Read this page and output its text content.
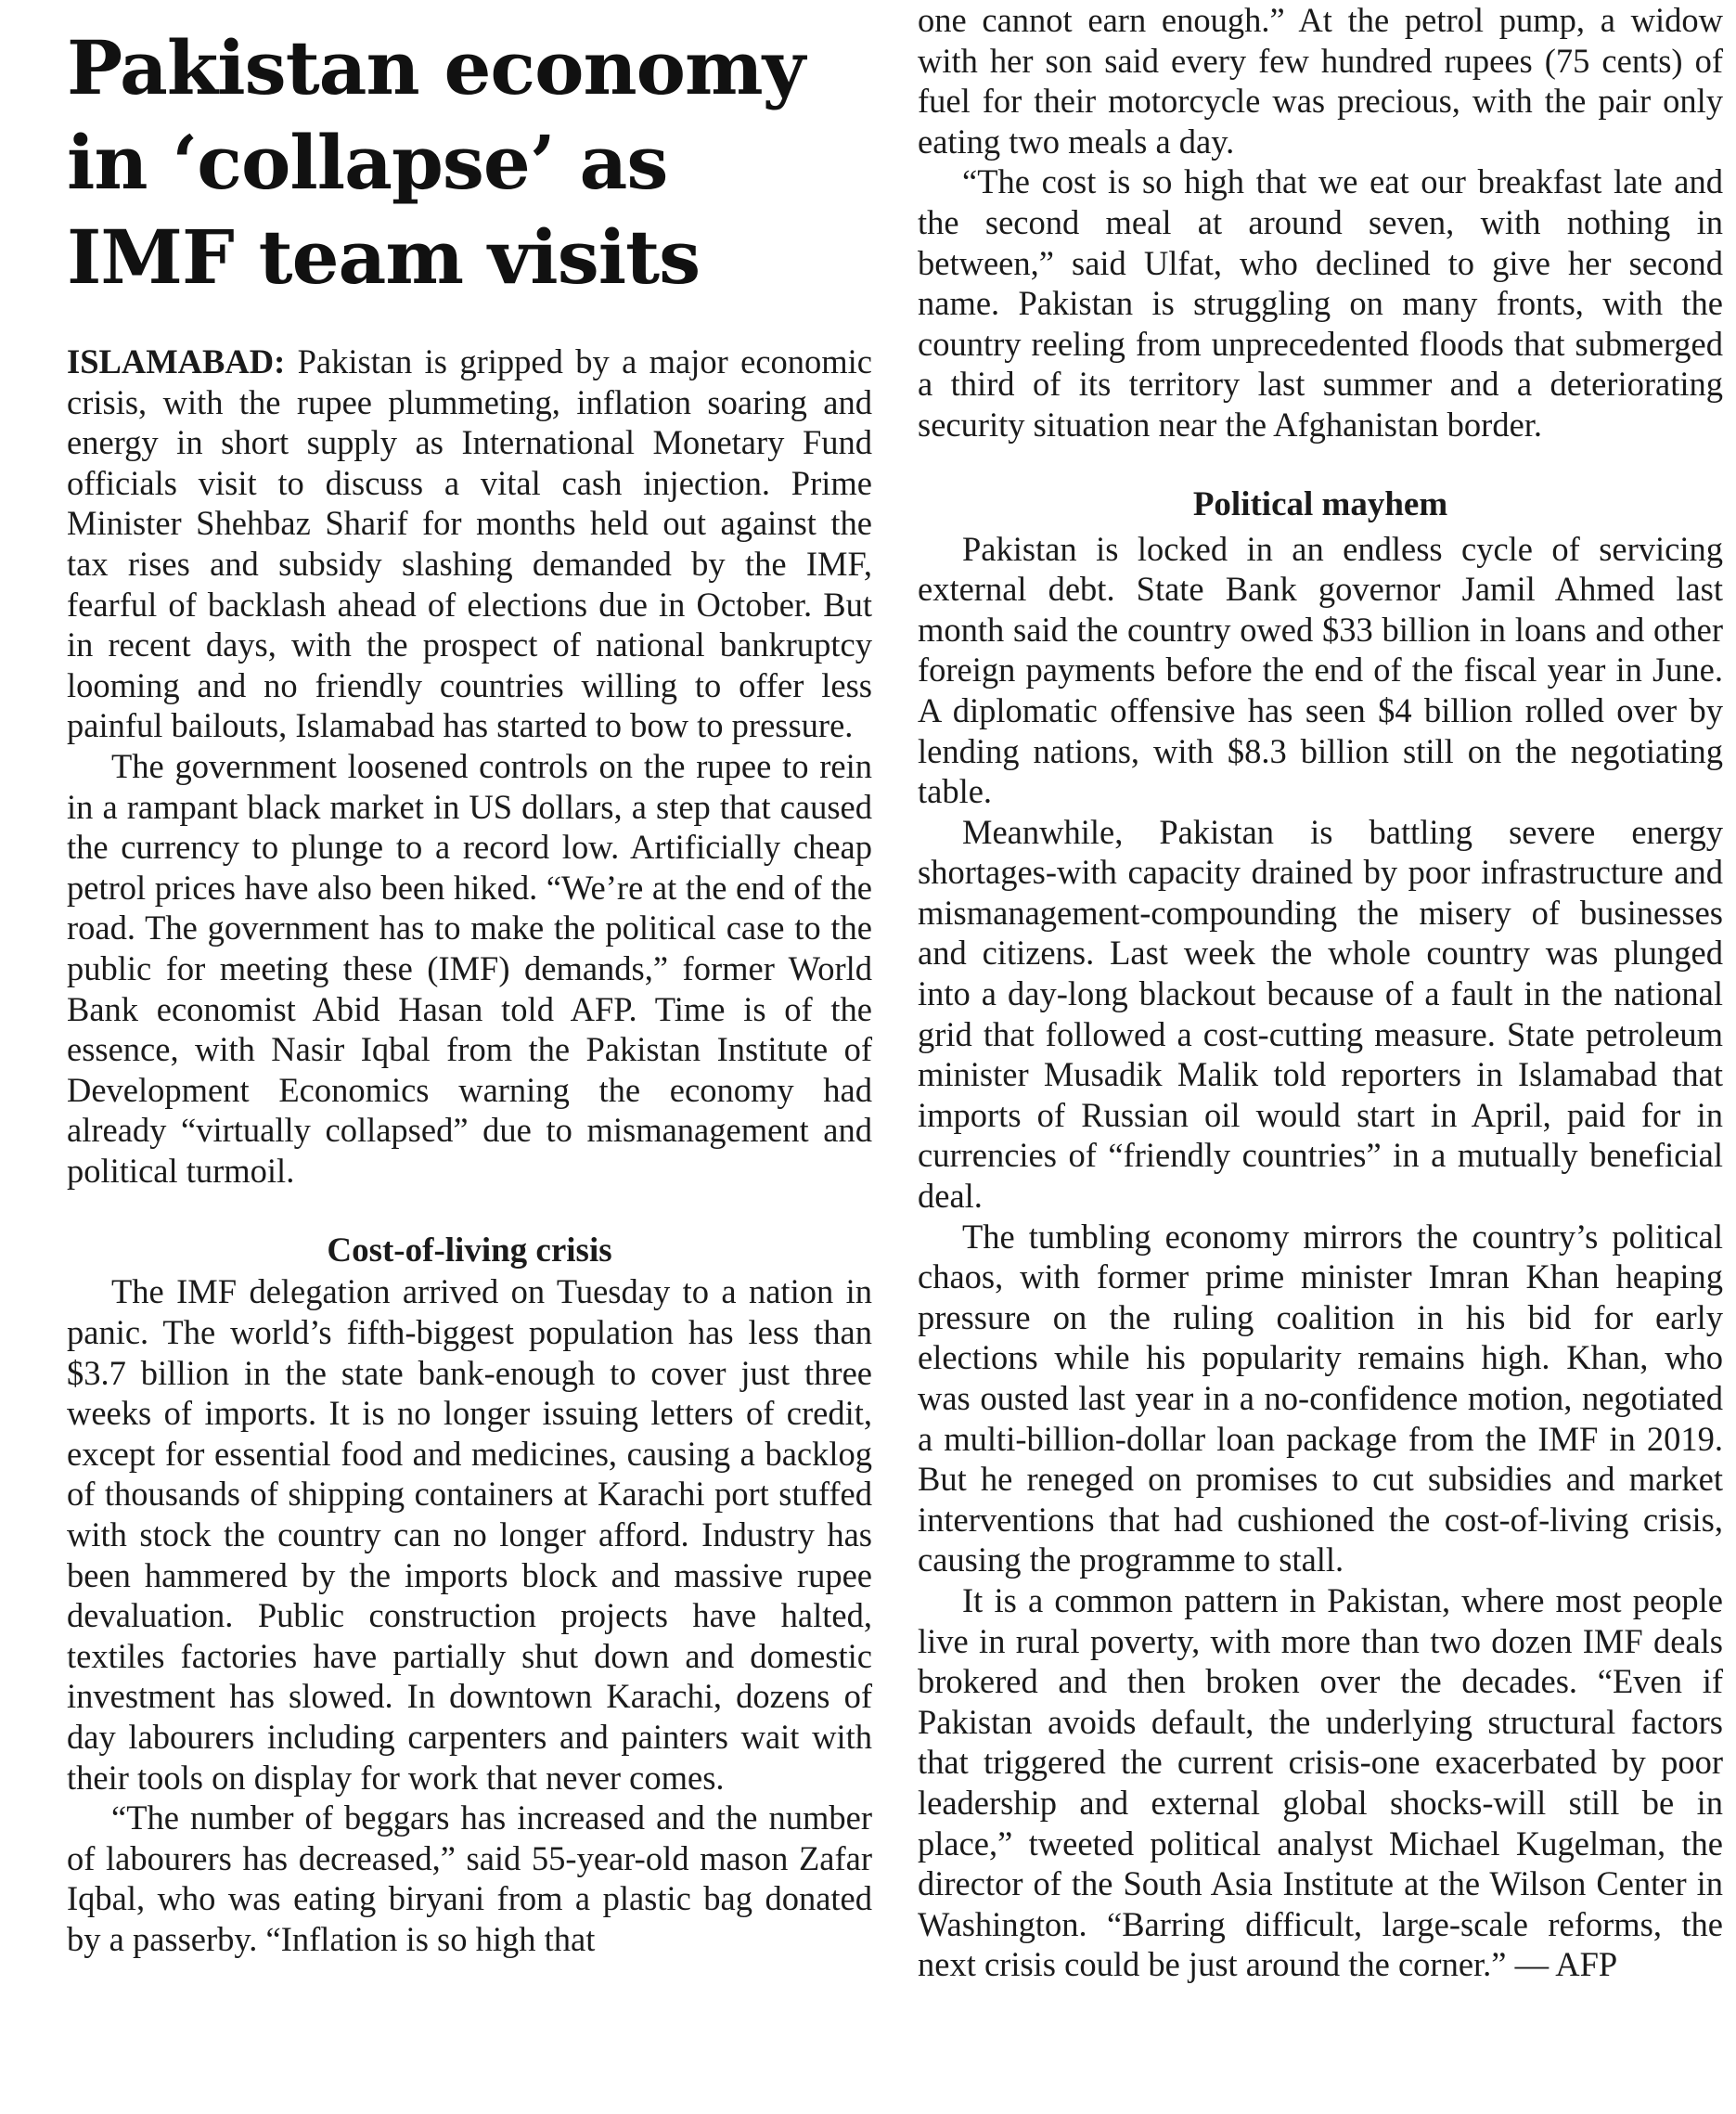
Pakistan economy
in ‘collapse’ as
IMF team visits
ISLAMABAD: Pakistan is gripped by a major economic crisis, with the rupee plummeting, inflation soaring and energy in short supply as International Monetary Fund officials visit to discuss a vital cash injection. Prime Minister Shehbaz Sharif for months held out against the tax rises and subsidy slashing demanded by the IMF, fearful of backlash ahead of elections due in October. But in recent days, with the prospect of national bankruptcy looming and no friendly countries willing to offer less painful bailouts, Islamabad has started to bow to pressure.
The government loosened controls on the rupee to rein in a rampant black market in US dollars, a step that caused the currency to plunge to a record low. Artificially cheap petrol prices have also been hiked. “We’re at the end of the road. The government has to make the political case to the public for meeting these (IMF) demands,” former World Bank economist Abid Hasan told AFP. Time is of the essence, with Nasir Iqbal from the Pakistan Institute of Development Economics warning the economy had already “virtually collapsed” due to mismanagement and political turmoil.
Cost-of-living crisis
The IMF delegation arrived on Tuesday to a nation in panic. The world’s fifth-biggest population has less than $3.7 billion in the state bank-enough to cover just three weeks of imports. It is no longer issuing letters of credit, except for essential food and medicines, causing a backlog of thousands of shipping containers at Karachi port stuffed with stock the country can no longer afford. Industry has been hammered by the imports block and massive rupee devaluation. Public construction projects have halted, textiles factories have partially shut down and domestic investment has slowed. In downtown Karachi, dozens of day labourers including carpenters and painters wait with their tools on display for work that never comes.
“The number of beggars has increased and the number of labourers has decreased,” said 55-year-old mason Zafar Iqbal, who was eating biryani from a plastic bag donated by a passerby. “Inflation is so high that
one cannot earn enough.” At the petrol pump, a widow with her son said every few hundred rupees (75 cents) of fuel for their motorcycle was precious, with the pair only eating two meals a day.
“The cost is so high that we eat our breakfast late and the second meal at around seven, with nothing in between,” said Ulfat, who declined to give her second name. Pakistan is struggling on many fronts, with the country reeling from unprecedented floods that submerged a third of its territory last summer and a deteriorating security situation near the Afghanistan border.
Political mayhem
Pakistan is locked in an endless cycle of servicing external debt. State Bank governor Jamil Ahmed last month said the country owed $33 billion in loans and other foreign payments before the end of the fiscal year in June. A diplomatic offensive has seen $4 billion rolled over by lending nations, with $8.3 billion still on the negotiating table.
Meanwhile, Pakistan is battling severe energy shortages-with capacity drained by poor infrastructure and mismanagement-compounding the misery of businesses and citizens. Last week the whole country was plunged into a day-long blackout because of a fault in the national grid that followed a cost-cutting measure. State petroleum minister Musadik Malik told reporters in Islamabad that imports of Russian oil would start in April, paid for in currencies of “friendly countries” in a mutually beneficial deal.
The tumbling economy mirrors the country’s political chaos, with former prime minister Imran Khan heaping pressure on the ruling coalition in his bid for early elections while his popularity remains high. Khan, who was ousted last year in a no-confidence motion, negotiated a multi-billion-dollar loan package from the IMF in 2019. But he reneged on promises to cut subsidies and market interventions that had cushioned the cost-of-living crisis, causing the programme to stall.
It is a common pattern in Pakistan, where most people live in rural poverty, with more than two dozen IMF deals brokered and then broken over the decades. “Even if Pakistan avoids default, the underlying structural factors that triggered the current crisis-one exacerbated by poor leadership and external global shocks-will still be in place,” tweeted political analyst Michael Kugelman, the director of the South Asia Institute at the Wilson Center in Washington. “Barring difficult, large-scale reforms, the next crisis could be just around the corner.” — AFP
